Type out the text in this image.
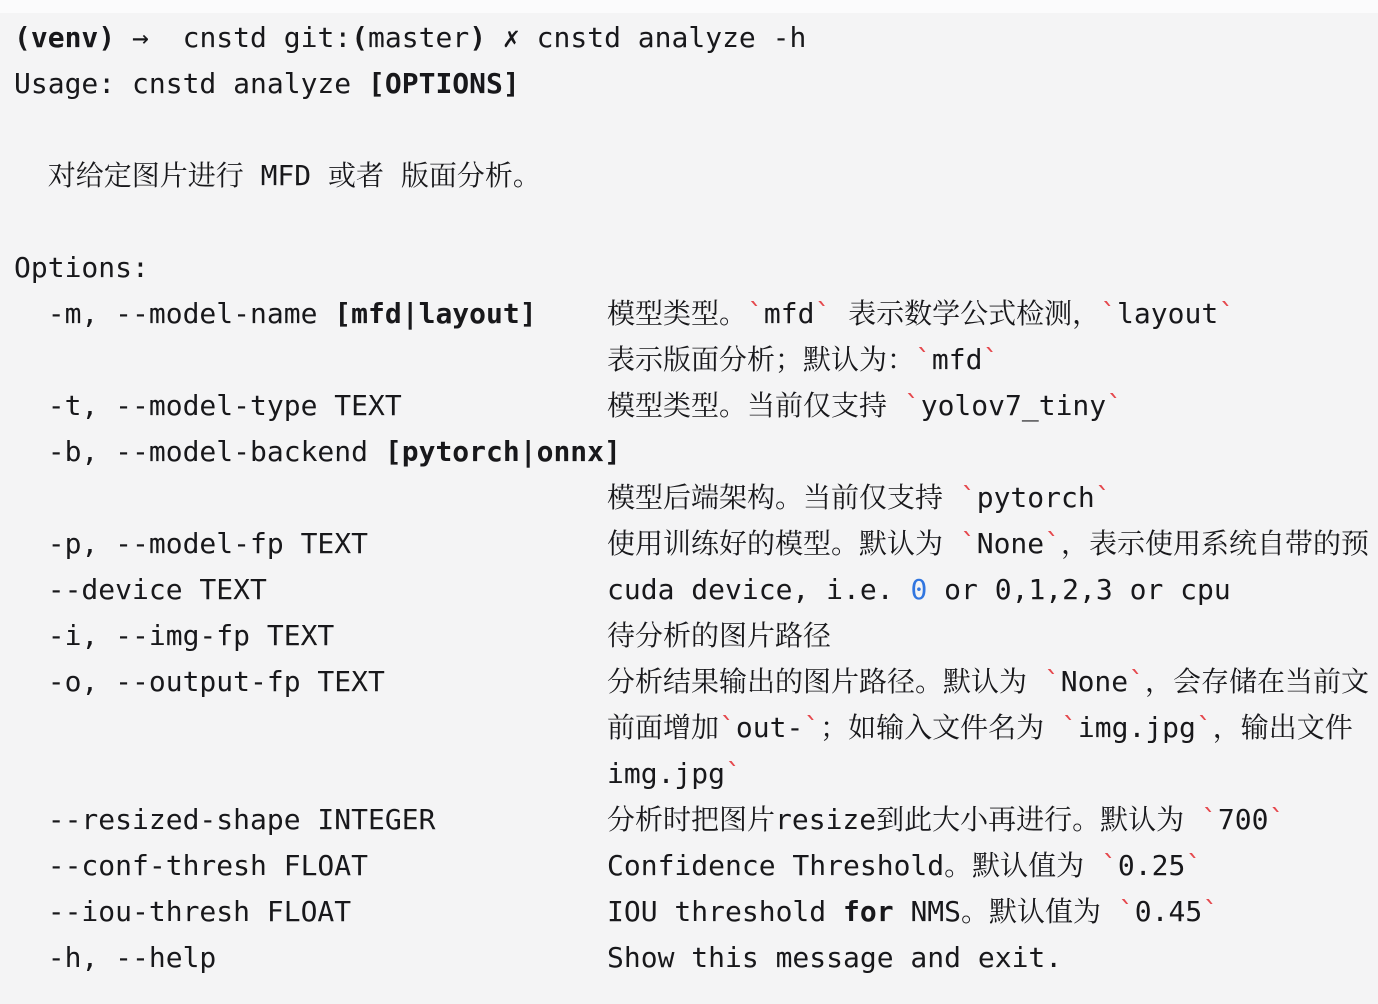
(venv) →  cnstd git:(master) ✗ cnstd analyze -h
Usage: cnstd analyze [OPTIONS]
对给定图片进行 MFD 或者 版面分析。
Options:
-m, --model-name [mfd|layout]	模型类型。`mfd` 表示数学公式检测，`layout`
表示版面分析；默认为：`mfd`
-t, --model-type TEXT	模型类型。当前仅支持 `yolov7_tiny`
-b, --model-backend [pytorch|onnx]
模型后端架构。当前仅支持 `pytorch`
-p, --model-fp TEXT	使用训练好的模型。默认为 `None`，表示使用系统自带的预
--device TEXT	cuda device, i.e. 0 or 0,1,2,3 or cpu
-i, --img-fp TEXT	待分析的图片路径
-o, --output-fp TEXT	分析结果输出的图片路径。默认为 `None`，会存储在当前文
前面增加`out-`；如输入文件名为 `img.jpg`，输出文件
img.jpg`
--resized-shape INTEGER	分析时把图片resize到此大小再进行。默认为 `700`
--conf-thresh FLOAT	Confidence Threshold。默认值为 `0.25`
--iou-thresh FLOAT	IOU threshold for NMS。默认值为 `0.45`
-h, --help	Show this message and exit.
